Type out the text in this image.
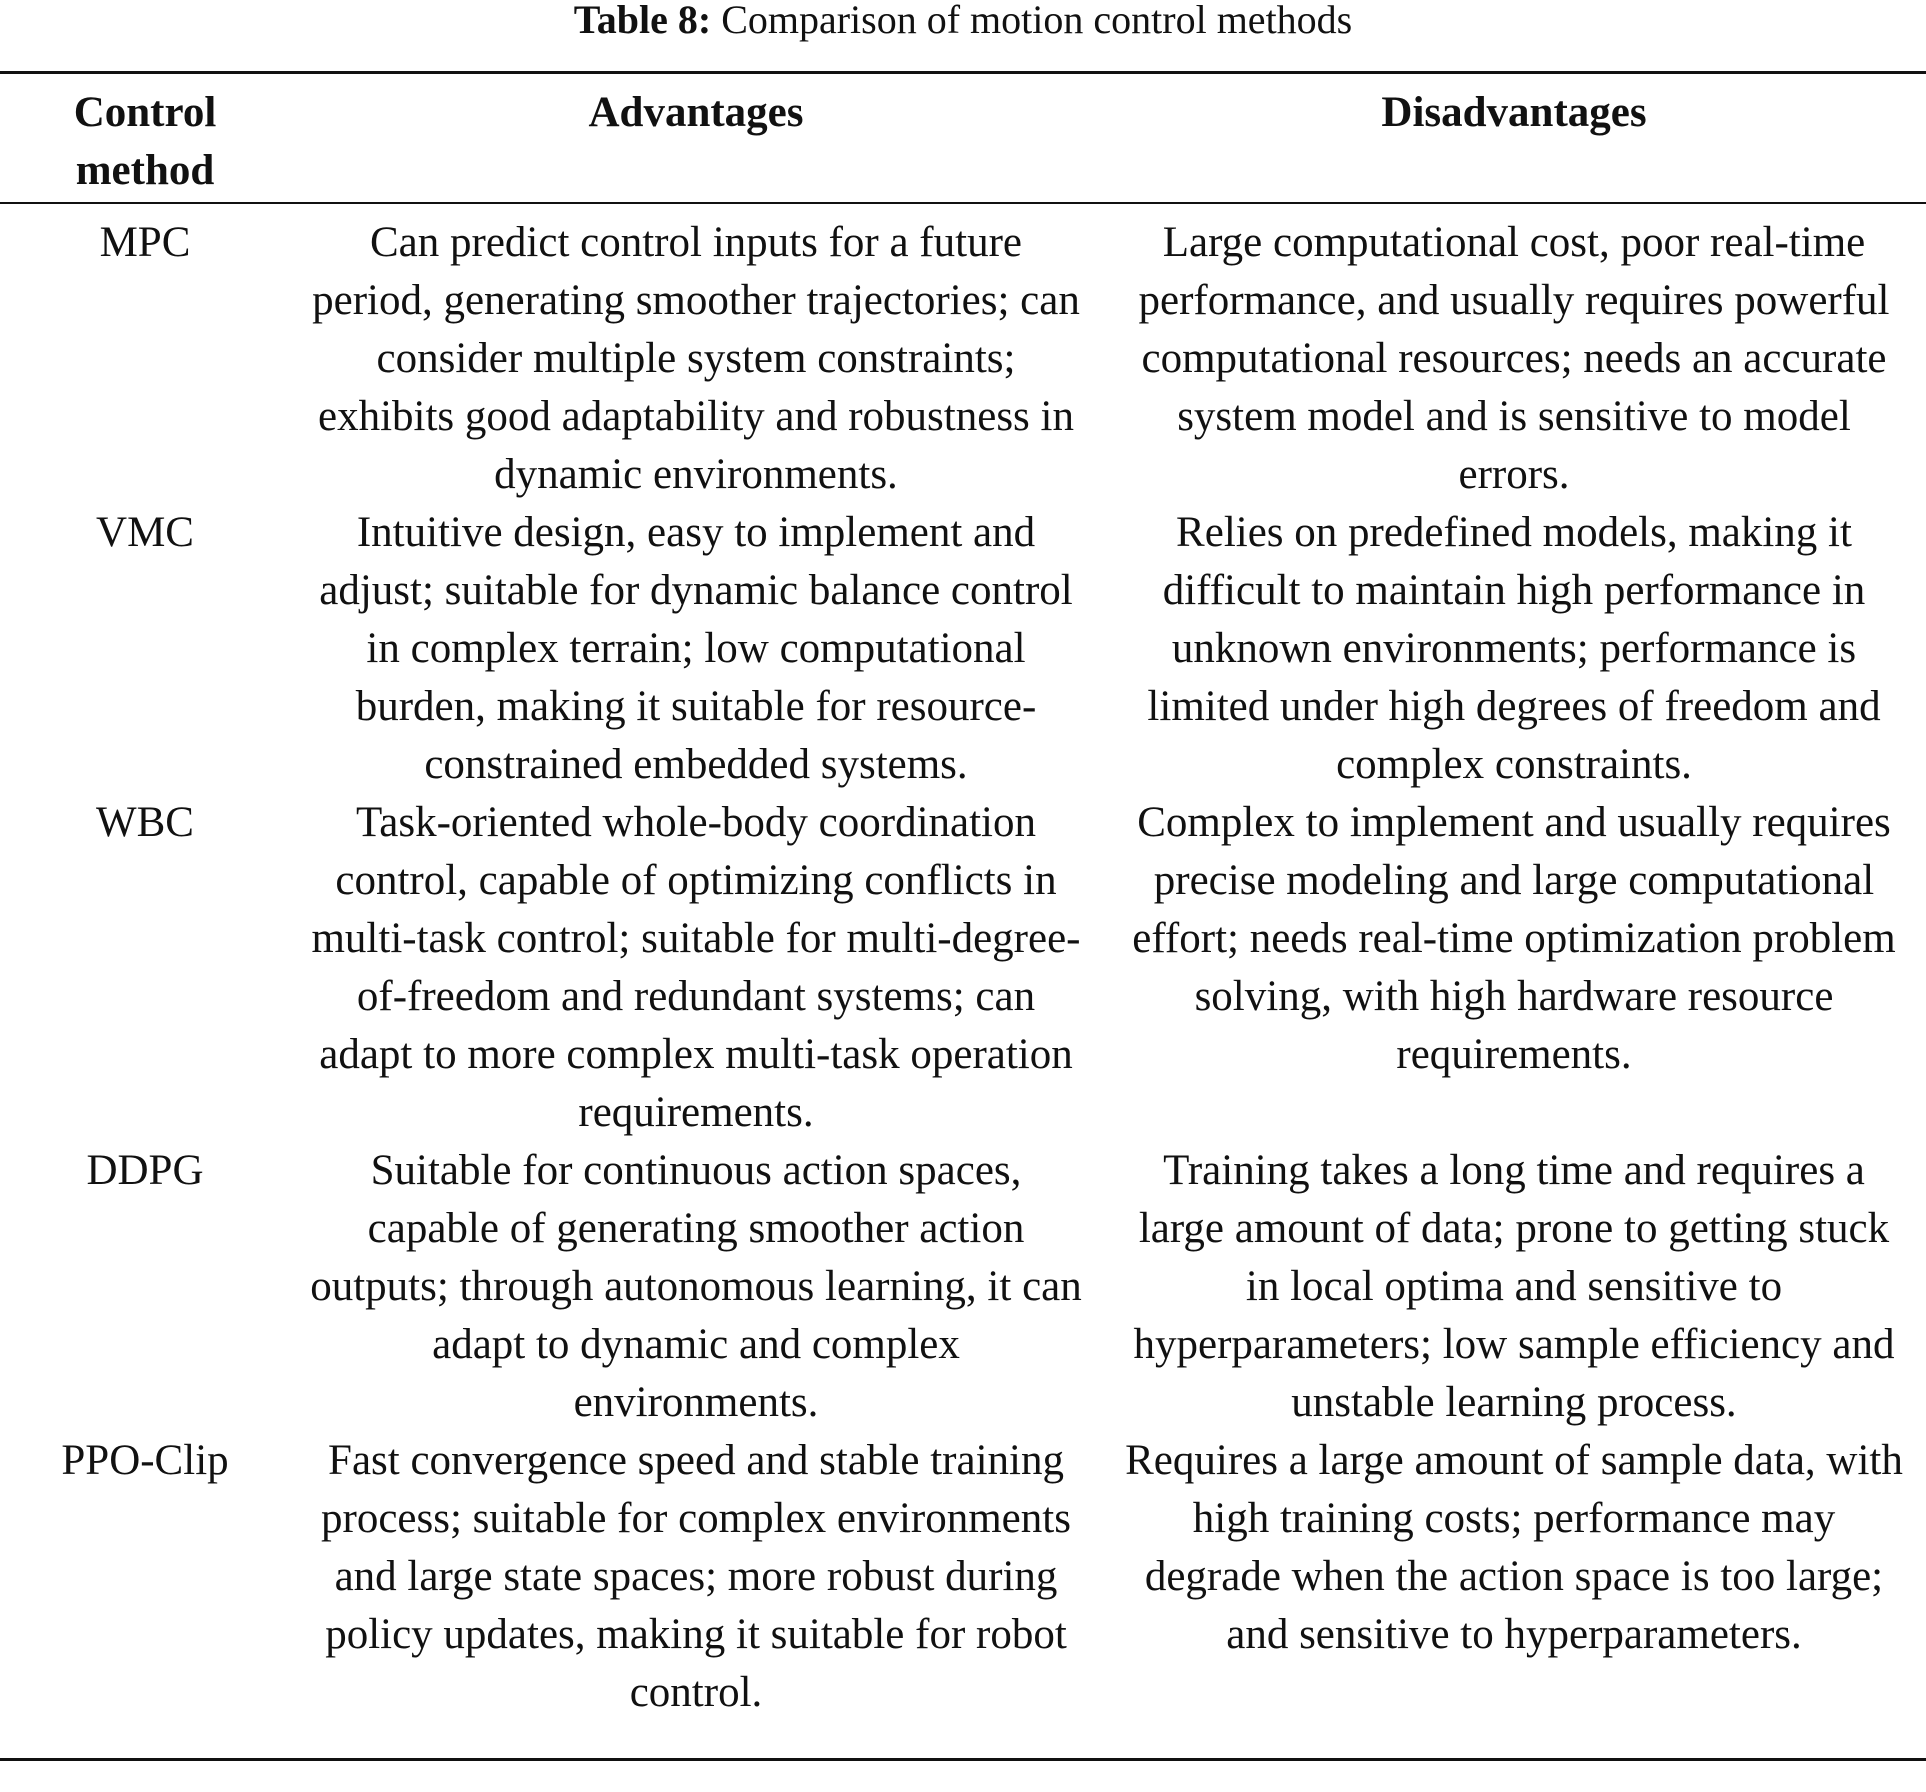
Table 8: Comparison of motion control methods
Control method	Advantages	Disadvantages
MPC	Can predict control inputs for a future period, generating smoother trajectories; can consider multiple system constraints; exhibits good adaptability and robustness in dynamic environments.	Large computational cost, poor real-time performance, and usually requires powerful computational resources; needs an accurate system model and is sensitive to model errors.
VMC	Intuitive design, easy to implement and adjust; suitable for dynamic balance control in complex terrain; low computational burden, making it suitable for resource-constrained embedded systems.	Relies on predefined models, making it difficult to maintain high performance in unknown environments; performance is limited under high degrees of freedom and complex constraints.
WBC	Task-oriented whole-body coordination control, capable of optimizing conflicts in multi-task control; suitable for multi-degree-of-freedom and redundant systems; can adapt to more complex multi-task operation requirements.	Complex to implement and usually requires precise modeling and large computational effort; needs real-time optimization problem solving, with high hardware resource requirements.
DDPG	Suitable for continuous action spaces, capable of generating smoother action outputs; through autonomous learning, it can adapt to dynamic and complex environments.	Training takes a long time and requires a large amount of data; prone to getting stuck in local optima and sensitive to hyperparameters; low sample efficiency and unstable learning process.
PPO-Clip	Fast convergence speed and stable training process; suitable for complex environments and large state spaces; more robust during policy updates, making it suitable for robot control.	Requires a large amount of sample data, with high training costs; performance may degrade when the action space is too large; and sensitive to hyperparameters.
